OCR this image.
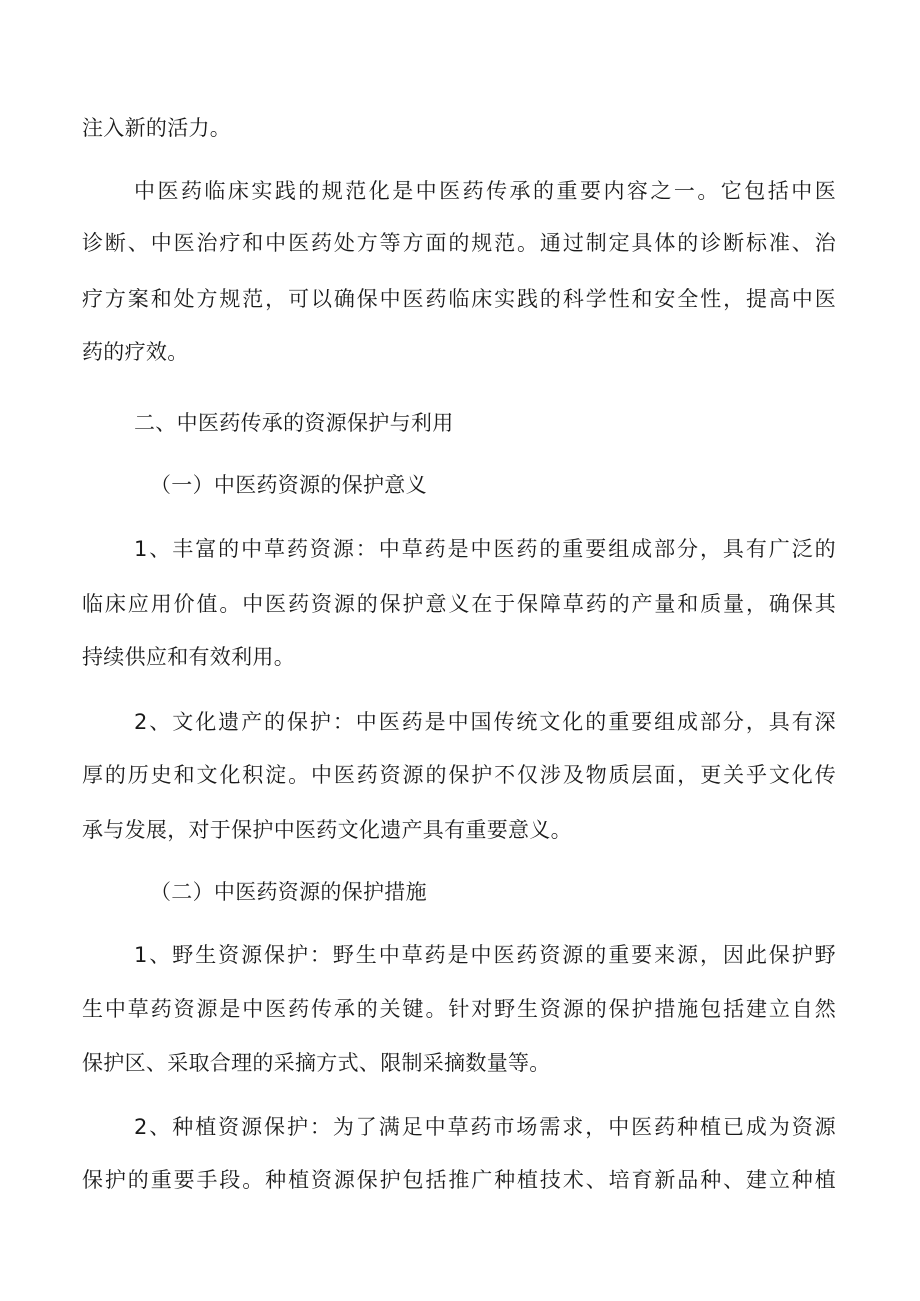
注入新的活力。
中医药临床实践的规范化是中医药传承的重要内容之一。它包括中医
诊断、中医治疗和中医药处方等方面的规范。通过制定具体的诊断标准、治
疗方案和处方规范，可以确保中医药临床实践的科学性和安全性，提高中医
药的疗效。
二、中医药传承的资源保护与利用
（一）中医药资源的保护意义
1、丰富的中草药资源：中草药是中医药的重要组成部分，具有广泛的
临床应用价值。中医药资源的保护意义在于保障草药的产量和质量，确保其
持续供应和有效利用。
2、文化遗产的保护：中医药是中国传统文化的重要组成部分，具有深
厚的历史和文化积淀。中医药资源的保护不仅涉及物质层面，更关乎文化传
承与发展，对于保护中医药文化遗产具有重要意义。
（二）中医药资源的保护措施
1、野生资源保护：野生中草药是中医药资源的重要来源，因此保护野
生中草药资源是中医药传承的关键。针对野生资源的保护措施包括建立自然
保护区、采取合理的采摘方式、限制采摘数量等。
2、种植资源保护：为了满足中草药市场需求，中医药种植已成为资源
保护的重要手段。种植资源保护包括推广种植技术、培育新品种、建立种植
